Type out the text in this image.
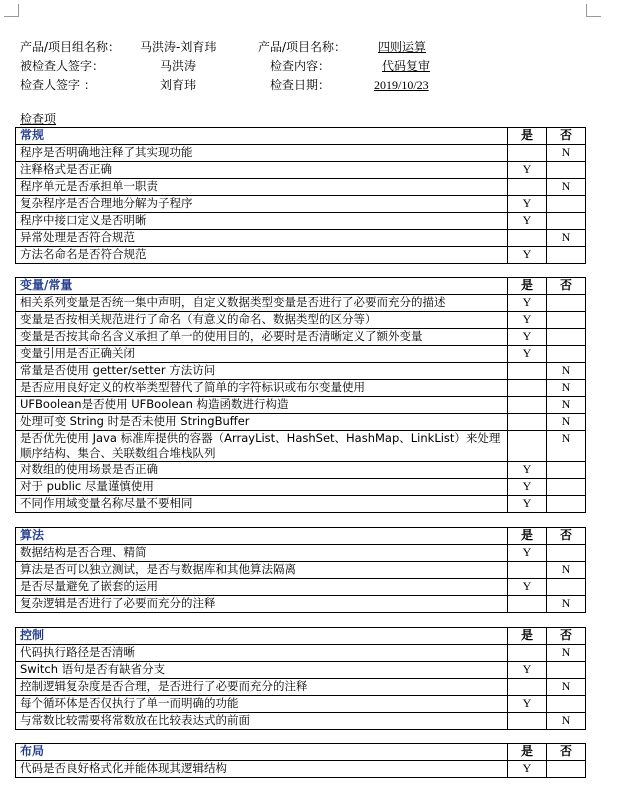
产品/项目组名称： 马洪涛-刘育玮	产品/项目名称：	四则运算
被检查人签字：	马洪涛	检查内容：	代码复审
检查人签字 ：	刘育玮	检查日期：	2019/10/23
检查项
常规	是	否
程序是否明确地注释了其实现功能		N
注释格式是否正确	Y	
程序单元是否承担单一职责		N
复杂程序是否合理地分解为子程序	Y	
程序中接口定义是否明晰	Y	
异常处理是否符合规范		N
方法名命名是否符合规范	Y	
变量/常量	是	否
相关系列变量是否统一集中声明，自定义数据类型变量是否进行了必要而充分的描述	Y	
变量是否按相关规范进行了命名（有意义的命名、数据类型的区分等）	Y	
变量是否按其命名含义承担了单一的使用目的，必要时是否清晰定义了额外变量	Y	
变量引用是否正确关闭	Y	
常量是否使用 getter/setter 方法访问		N
是否应用良好定义的枚举类型替代了简单的字符标识或布尔变量使用		N
UFBoolean是否使用 UFBoolean 构造函数进行构造		N
处理可变 String 时是否未使用 StringBuffer		N
是否优先使用 Java 标准库提供的容器（ArrayList、HashSet、HashMap、LinkList）来处理顺序结构、集合、关联数组合堆栈队列		N
对数组的使用场景是否正确	Y	
对于 public 尽量谨慎使用	Y	
不同作用域变量名称尽量不要相同	Y	
算法	是	否
数据结构是否合理、精简	Y	
算法是否可以独立测试，是否与数据库和其他算法隔离		N
是否尽量避免了嵌套的运用	Y	
复杂逻辑是否进行了必要而充分的注释		N
控制	是	否
代码执行路径是否清晰		N
Switch 语句是否有缺省分支	Y	
控制逻辑复杂度是否合理，是否进行了必要而充分的注释		N
每个循环体是否仅执行了单一而明确的功能	Y	
与常数比较需要将常数放在比较表达式的前面		N
布局	是	否
代码是否良好格式化并能体现其逻辑结构	Y	
